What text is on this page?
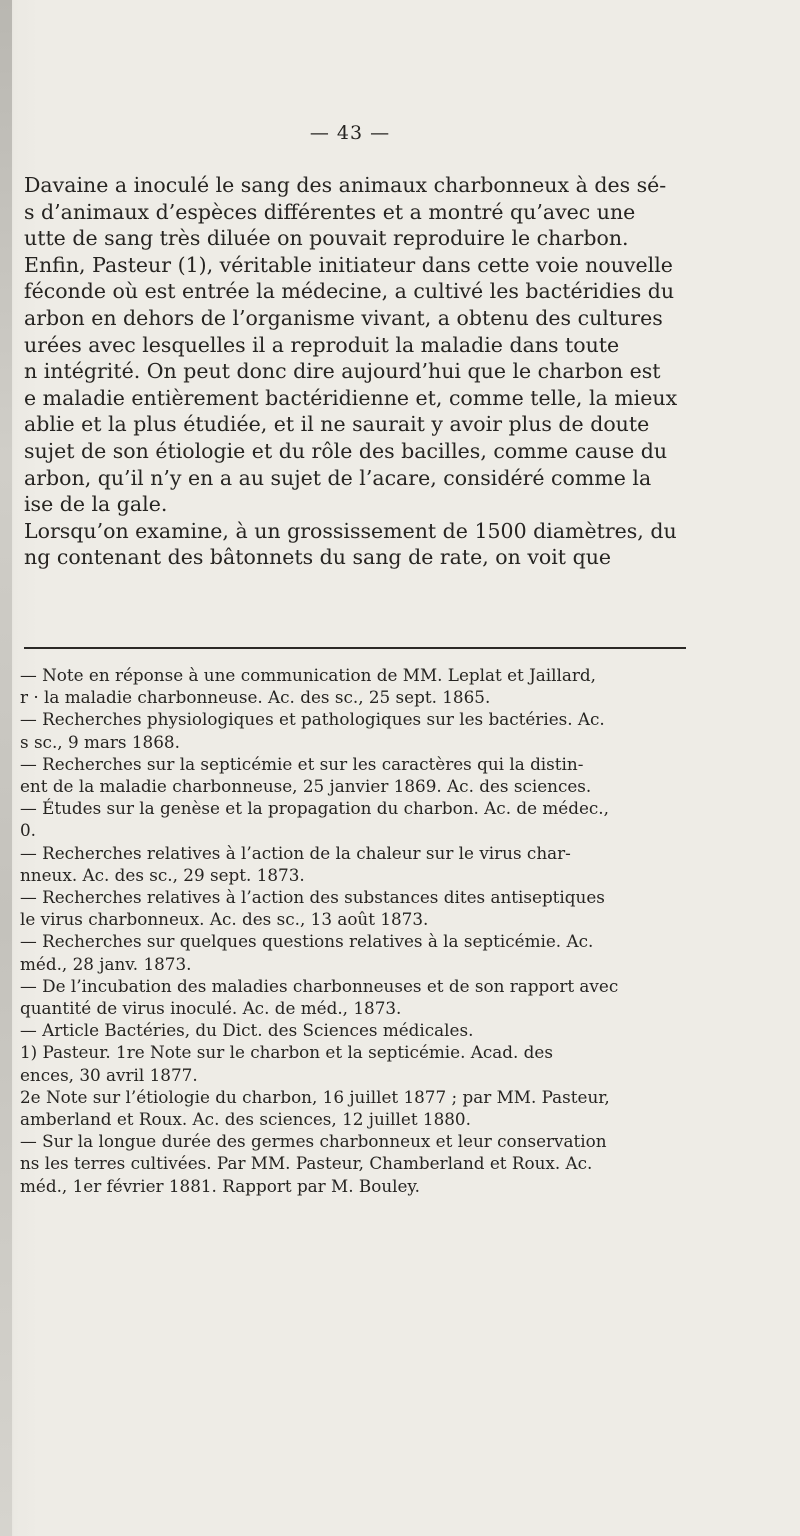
— 43 —
Davaine a inoculé le sang des animaux charbonneux à des sé-
s d’animaux d’espèces différentes et a montré qu’avec une
utte de sang très diluée on pouvait reproduire le charbon.
Enfin, Pasteur (1), véritable initiateur dans cette voie nouvelle
féconde où est entrée la médecine, a cultivé les bactéridies du
arbon en dehors de l’organisme vivant, a obtenu des cultures
urées avec lesquelles il a reproduit la maladie dans toute
n intégrité. On peut donc dire aujourd’hui que le charbon est
e maladie entièrement bactéridienne et, comme telle, la mieux
ablie et la plus étudiée, et il ne saurait y avoir plus de doute
sujet de son étiologie et du rôle des bacilles, comme cause du
arbon, qu’il n’y en a au sujet de l’acare, considéré comme la
ise de la gale.
Lorsqu’on examine, à un grossissement de 1500 diamètres, du
ng contenant des bâtonnets du sang de rate, on voit que
— Note en réponse à une communication de MM. Leplat et Jaillard,
r · la maladie charbonneuse. Ac. des sc., 25 sept. 1865.
— Recherches physiologiques et pathologiques sur les bactéries. Ac.
s sc., 9 mars 1868.
— Recherches sur la septicémie et sur les caractères qui la distin-
ent de la maladie charbonneuse, 25 janvier 1869. Ac. des sciences.
— Études sur la genèse et la propagation du charbon. Ac. de médec.,
0.
— Recherches relatives à l’action de la chaleur sur le virus char-
nneux. Ac. des sc., 29 sept. 1873.
— Recherches relatives à l’action des substances dites antiseptiques
le virus charbonneux. Ac. des sc., 13 août 1873.
— Recherches sur quelques questions relatives à la septicémie. Ac.
méd., 28 janv. 1873.
— De l’incubation des maladies charbonneuses et de son rapport avec
quantité de virus inoculé. Ac. de méd., 1873.
— Article Bactéries, du Dict. des Sciences médicales.
1) Pasteur. 1re Note sur le charbon et la septicémie. Acad. des
ences, 30 avril 1877.
2e Note sur l’étiologie du charbon, 16 juillet 1877 ; par MM. Pasteur,
amberland et Roux. Ac. des sciences, 12 juillet 1880.
— Sur la longue durée des germes charbonneux et leur conservation
ns les terres cultivées. Par MM. Pasteur, Chamberland et Roux. Ac.
méd., 1er février 1881. Rapport par M. Bouley.
